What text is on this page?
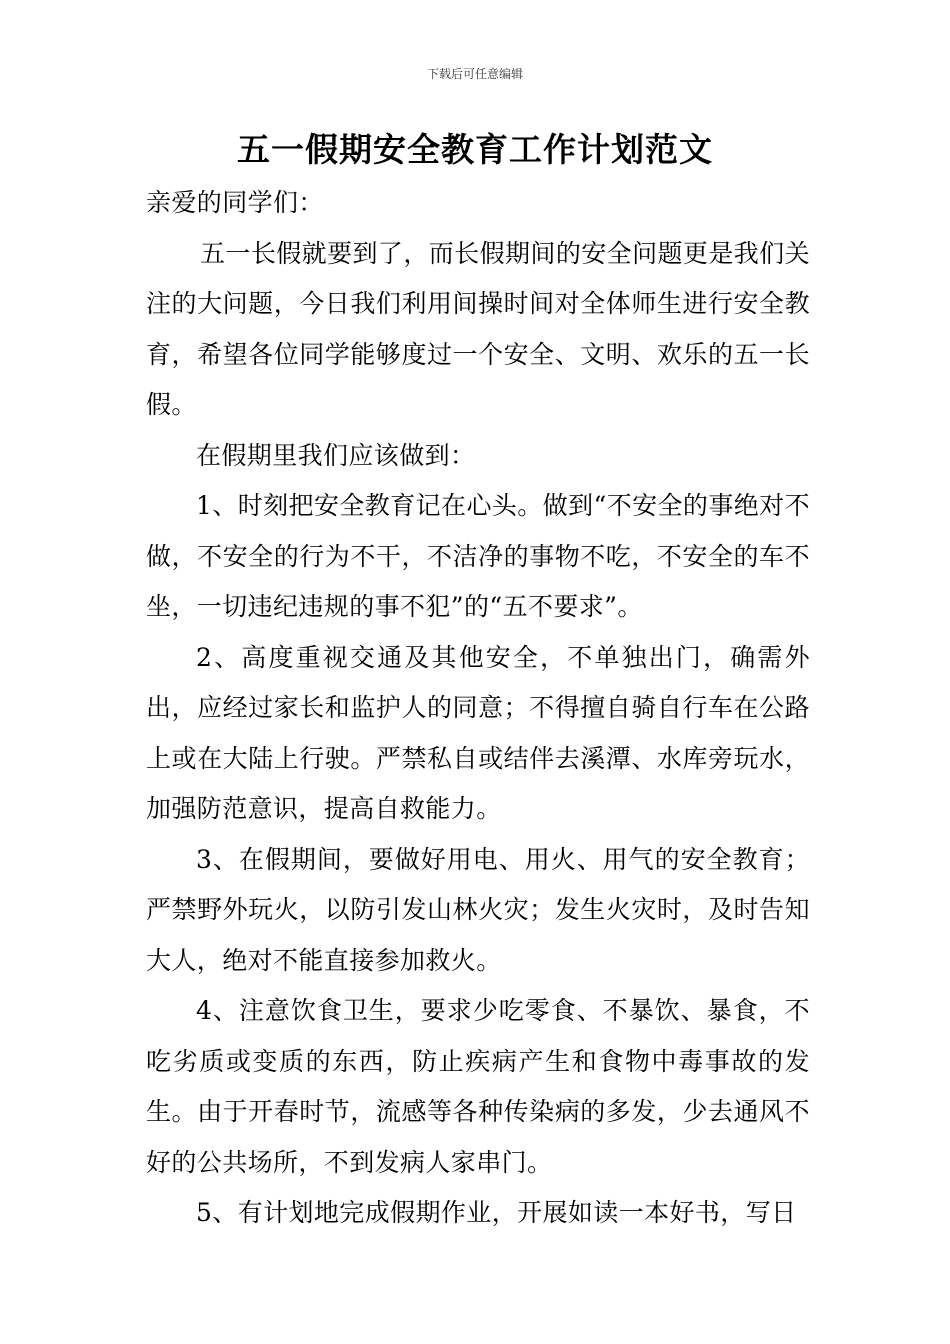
下载后可任意编辑
五一假期安全教育工作计划范文

亲爱的同学们：

五一长假就要到了，而长假期间的安全问题更是我们关注的大问题，今日我们利用间操时间对全体师生进行安全教育，希望各位同学能够度过一个安全、文明、欢乐的五一长假。

在假期里我们应该做到：

1、时刻把安全教育记在心头。做到“不安全的事绝对不做，不安全的行为不干，不洁净的事物不吃，不安全的车不坐，一切违纪违规的事不犯”的“五不要求”。

2、高度重视交通及其他安全，不单独出门，确需外出，应经过家长和监护人的同意；不得擅自骑自行车在公路上或在大陆上行驶。严禁私自或结伴去溪潭、水库旁玩水，加强防范意识，提高自救能力。

3、在假期间，要做好用电、用火、用气的安全教育；严禁野外玩火，以防引发山林火灾；发生火灾时，及时告知大人，绝对不能直接参加救火。

4、注意饮食卫生，要求少吃零食、不暴饮、暴食，不吃劣质或变质的东西，防止疾病产生和食物中毒事故的发生。由于开春时节，流感等各种传染病的多发，少去通风不好的公共场所，不到发病人家串门。

5、有计划地完成假期作业，开展如读一本好书，写日
